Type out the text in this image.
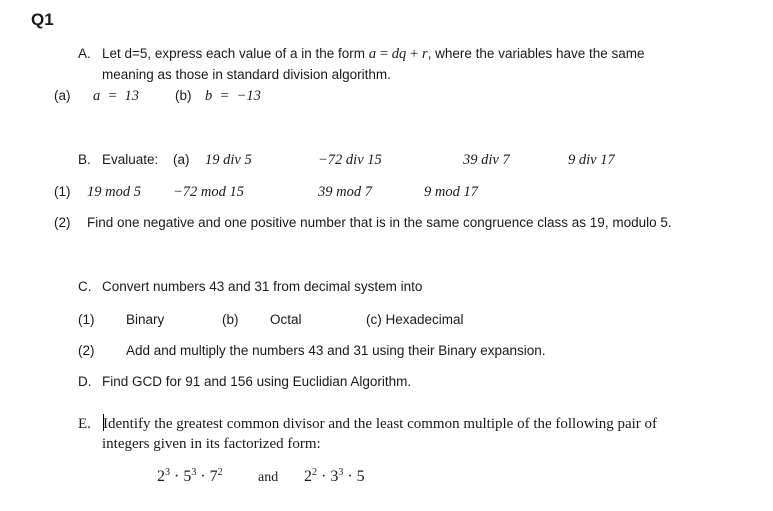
Q1
A. Let d=5, express each value of a in the form a = dq + r, where the variables have the same
meaning as those in standard division algorithm.
(a) a  =  13	(b) b  =  −13
B. Evaluate: (a) 19 div 5	−72 div 15	39 div 7	9 div 17
(1) 19 mod 5 −72 mod 15	39 mod 7	9 mod 17
(2) Find one negative and one positive number that is in the same congruence class as 19, modulo 5.
C. Convert numbers 43 and 31 from decimal system into
(1) Binary	(b) Octal	(c) Hexadecimal
(2) Add and multiply the numbers 43 and 31 using their Binary expansion.
D. Find GCD for 91 and 156 using Euclidian Algorithm.
E. Identify the greatest common divisor and the least common multiple of the following pair of
integers given in its factorized form:
$2^3 \cdot 5^3 \cdot 7^2$	and $2^2 \cdot 3^3 \cdot 5$
